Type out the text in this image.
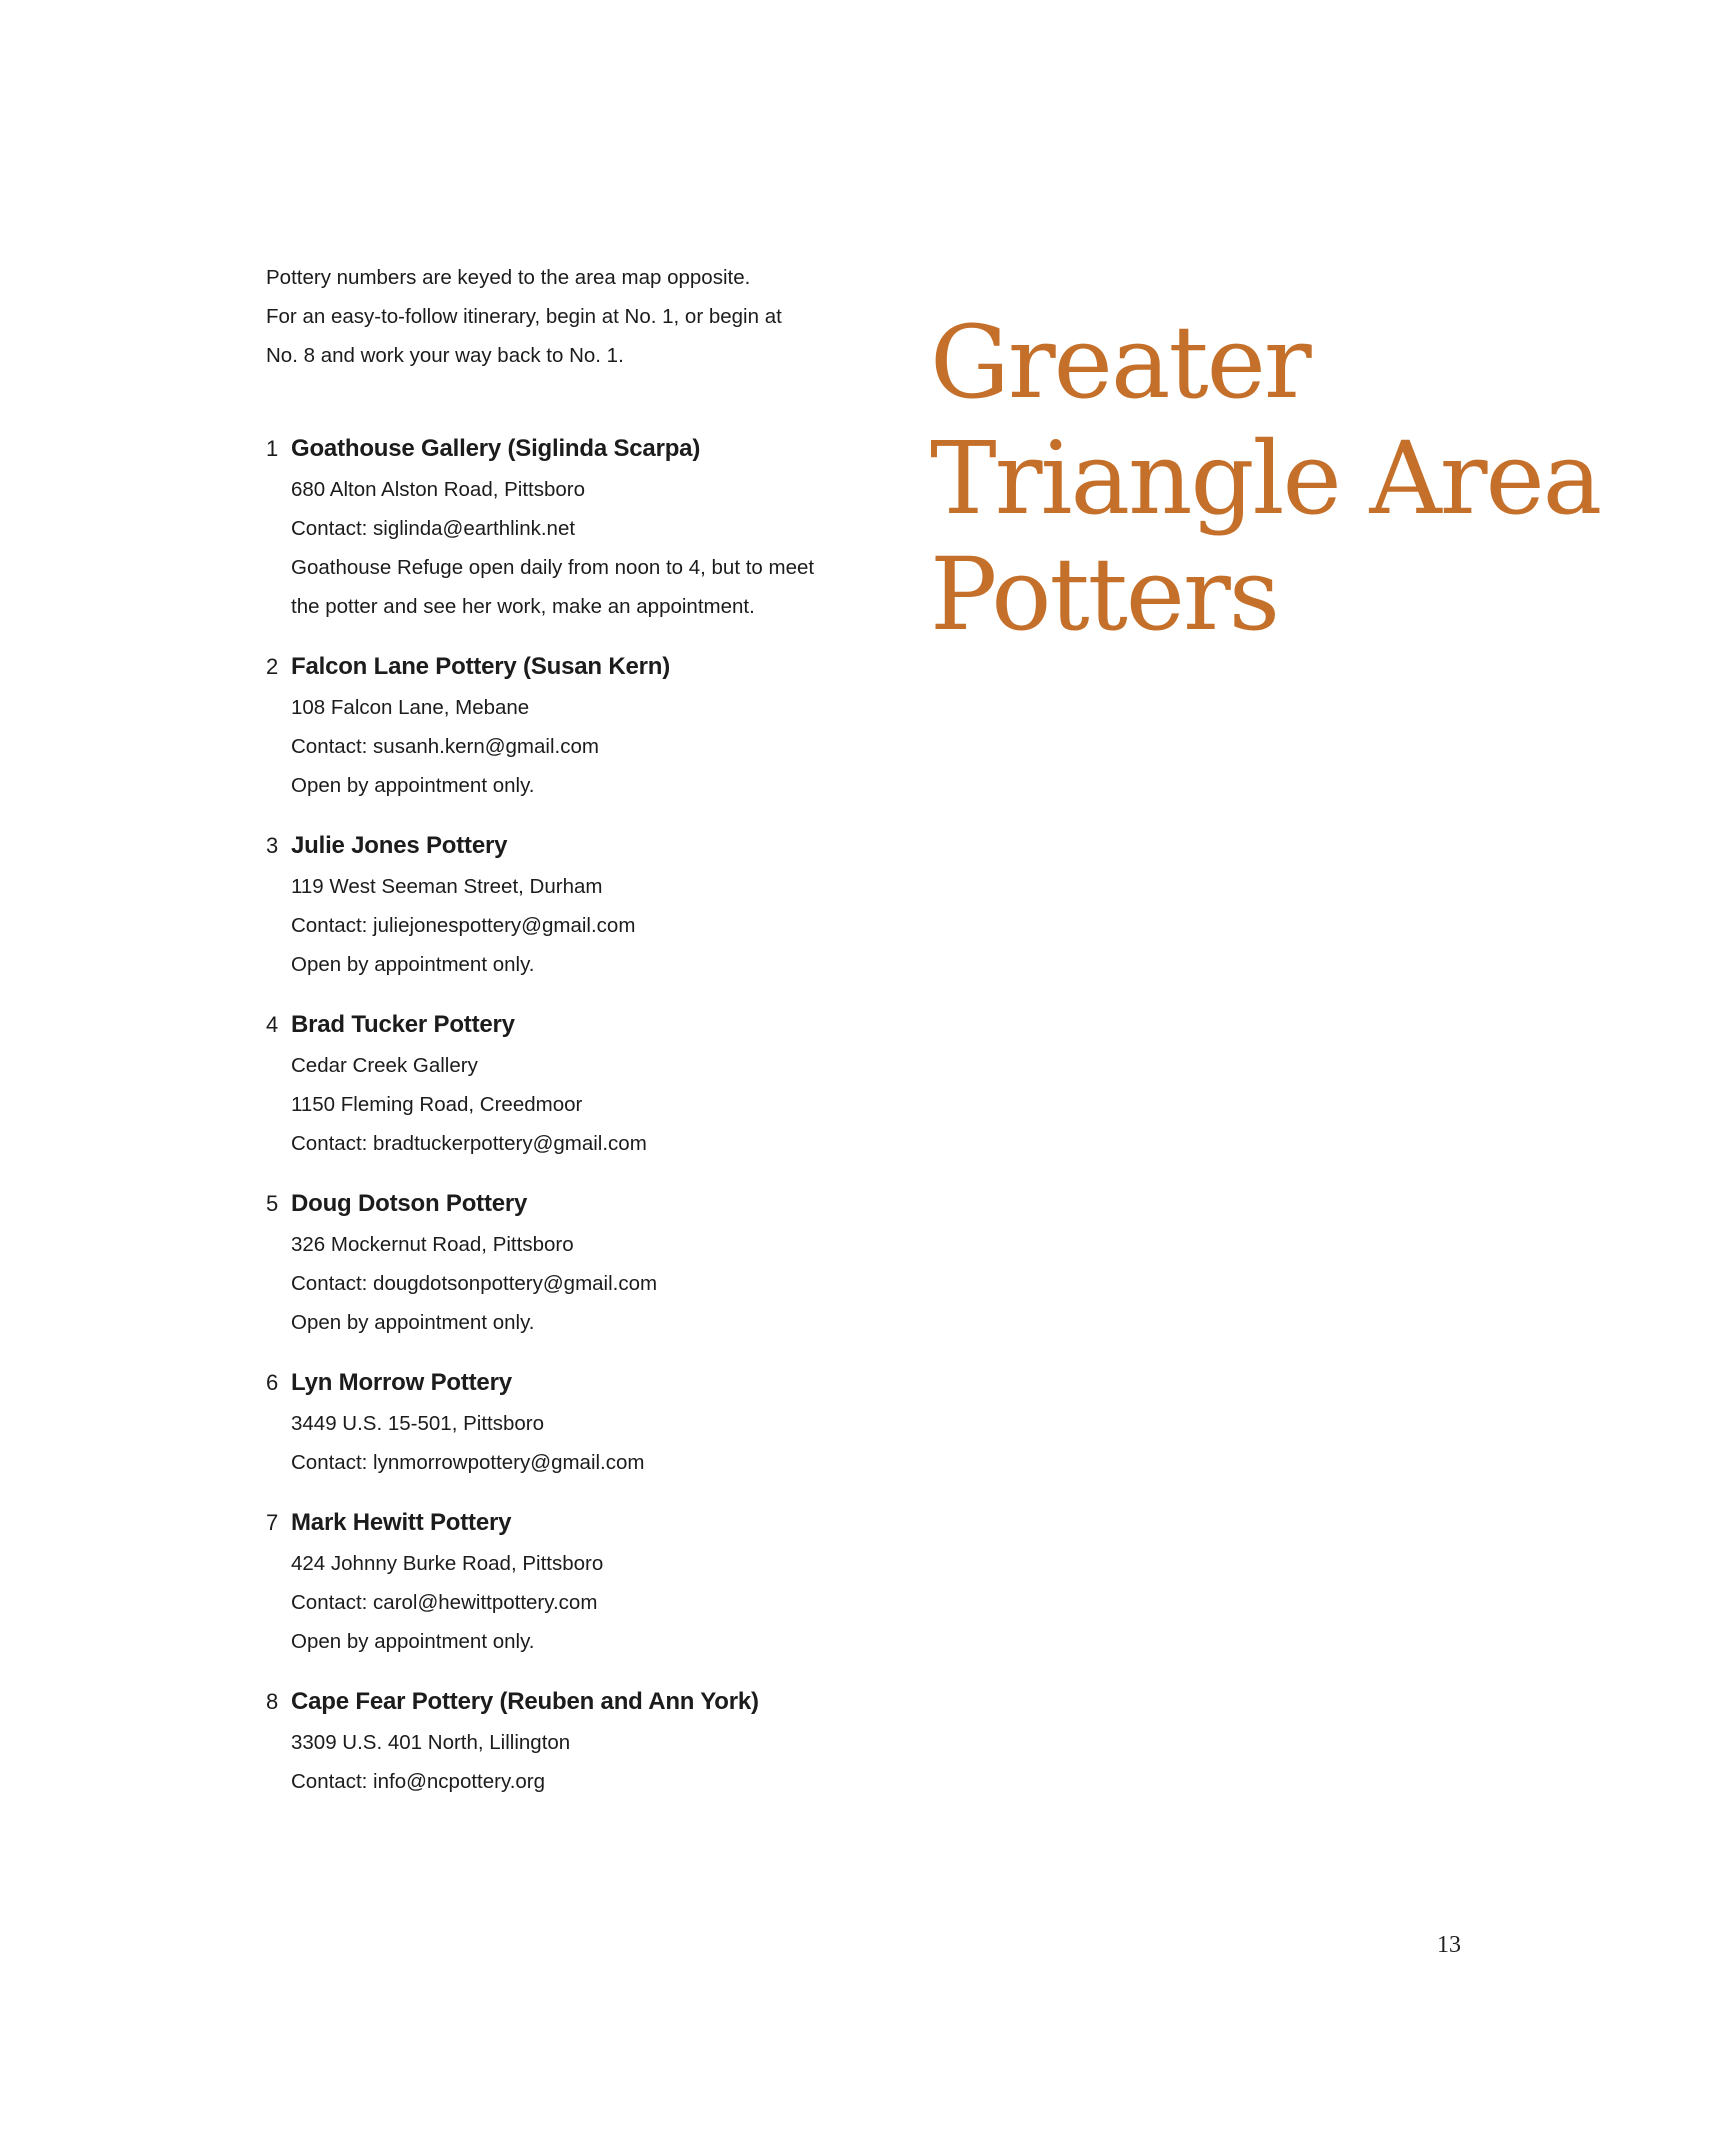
Pottery numbers are keyed to the area map opposite.
For an easy-to-follow itinerary, begin at No. 1, or begin at
No. 8 and work your way back to No. 1.
1 Goathouse Gallery (Siglinda Scarpa)
680 Alton Alston Road, Pittsboro
Contact: siglinda@earthlink.net
Goathouse Refuge open daily from noon to 4, but to meet
the potter and see her work, make an appointment.
2 Falcon Lane Pottery (Susan Kern)
108 Falcon Lane, Mebane
Contact: susanh.kern@gmail.com
Open by appointment only.
3 Julie Jones Pottery
119 West Seeman Street, Durham
Contact: juliejonespottery@gmail.com
Open by appointment only.
4 Brad Tucker Pottery
Cedar Creek Gallery
1150 Fleming Road, Creedmoor
Contact: bradtuckerpottery@gmail.com
5 Doug Dotson Pottery
326 Mockernut Road, Pittsboro
Contact: dougdotsonpottery@gmail.com
Open by appointment only.
6 Lyn Morrow Pottery
3449 U.S. 15-501, Pittsboro
Contact: lynmorrowpottery@gmail.com
7 Mark Hewitt Pottery
424 Johnny Burke Road, Pittsboro
Contact: carol@hewittpottery.com
Open by appointment only.
8 Cape Fear Pottery (Reuben and Ann York)
3309 U.S. 401 North, Lillington
Contact: info@ncpottery.org
Greater
Triangle Area
Potters
13
